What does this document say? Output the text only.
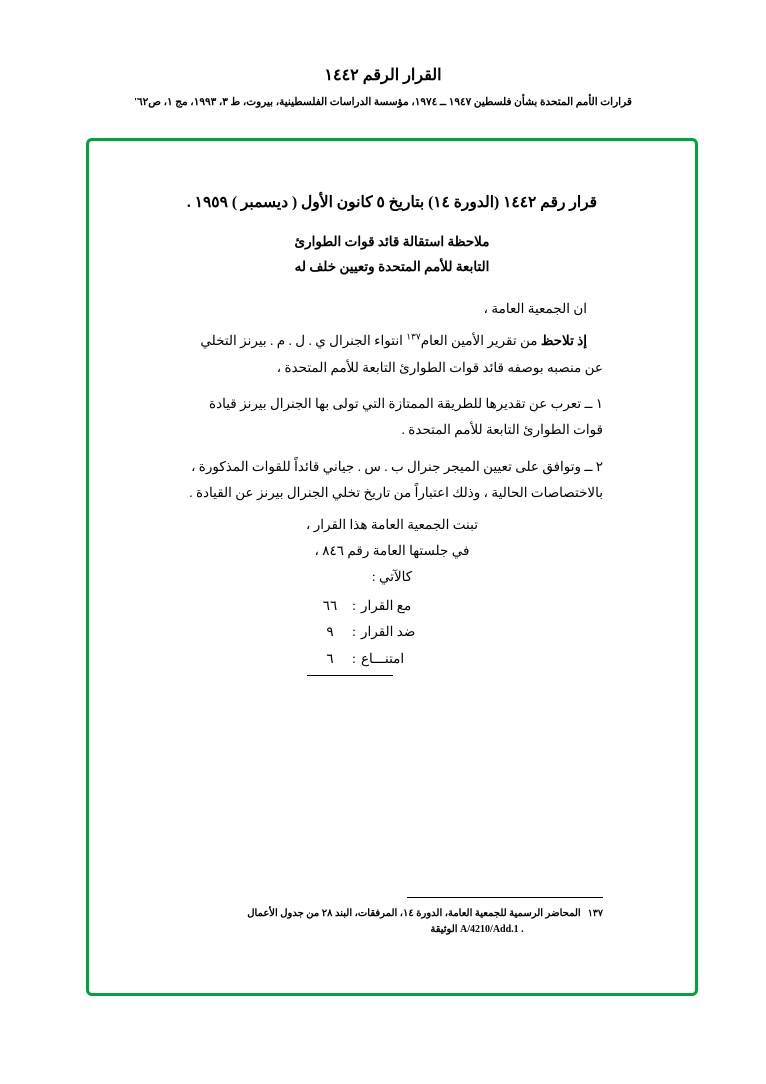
القرار الرقم ١٤٤٢
قرارات الأمم المتحدة بشأن فلسطين ١٩٤٧ ــ ١٩٧٤، مؤسسة الدراسات الفلسطينية، بيروت، ط ٣، ١٩٩٣، مج ١، ص٦٢'
قرار رقم ١٤٤٢ (الدورة ١٤) بتاريخ ٥ كانون الأول ( ديسمبر ) ١٩٥٩ .
ملاحظة استقالة قائد قوات الطوارئ
التابعة للأمم المتحدة وتعيين خلف له

ان الجمعية العامة ،

إذ تلاحظ من تقرير الأمين العام$^{١٣٧}$ انتواء الجنرال ي . ل . م . بيرنز التخلي عن منصبه بوصفه قائد قوات الطوارئ التابعة للأمم المتحدة ،

١ ــ تعرب عن تقديرها للطريقة الممتازة التي تولى بها الجنرال بيرنز قيادة قوات الطوارئ التابعة للأمم المتحدة .

٢ ــ وتوافق على تعيين الميجر جنرال ب . س . جياني قائداً للقوات المذكورة ، بالاختصاصات الحالية ، وذلك اعتباراً من تاريخ تخلي الجنرال بيرنز عن القيادة .

تبنت الجمعية العامة هذا القرار ،

في جلستها العامة رقم ٨٤٦ ،

كالآتي :

مع القرار
:
٦٦
ضد القرار
:
٩
امتنـــاع
:
٦
١٣٧المحاضر الرسمية للجمعية العامة، الدورة ١٤، المرفقات، البند ٢٨ من جدول الأعمال
الوثيقة A/4210/Add.1 .
